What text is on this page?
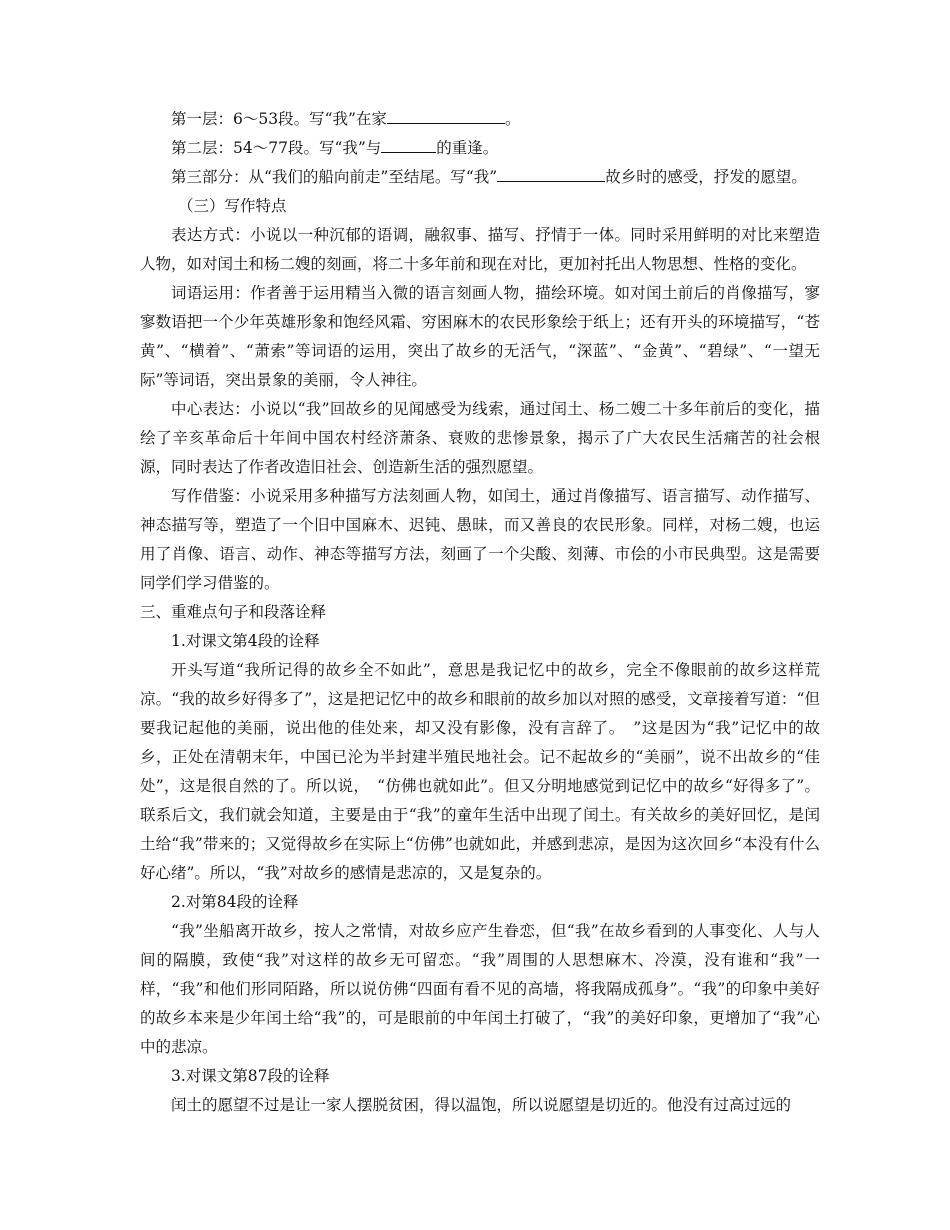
第一层：6～53段。写“我”在家	。

第二层：54～77段。写“我”与	的重逢。

第三部分：从“我们的船向前走”至结尾。写“我”	故乡时的感受，抒发的愿望。

（三）写作特点

表达方式：小说以一种沉郁的语调，融叙事、描写、抒情于一体。同时采用鲜明的对比来塑造人物，如对闰土和杨二嫂的刻画，将二十多年前和现在对比，更加衬托出人物思想、性格的变化。

词语运用：作者善于运用精当入微的语言刻画人物，描绘环境。如对闰土前后的肖像描写，寥寥数语把一个少年英雄形象和饱经风霜、穷困麻木的农民形象绘于纸上；还有开头的环境描写，“苍黄”、“横着”、“萧索”等词语的运用，突出了故乡的无活气，“深蓝”、“金黄”、“碧绿”、“一望无际”等词语，突出景象的美丽，令人神往。

中心表达：小说以“我”回故乡的见闻感受为线索，通过闰土、杨二嫂二十多年前后的变化，描绘了辛亥革命后十年间中国农村经济萧条、衰败的悲惨景象，揭示了广大农民生活痛苦的社会根源，同时表达了作者改造旧社会、创造新生活的强烈愿望。

写作借鉴：小说采用多种描写方法刻画人物，如闰土，通过肖像描写、语言描写、动作描写、神态描写等，塑造了一个旧中国麻木、迟钝、愚昧，而又善良的农民形象。同样，对杨二嫂，也运用了肖像、语言、动作、神态等描写方法，刻画了一个尖酸、刻薄、市侩的小市民典型。这是需要同学们学习借鉴的。

三、重难点句子和段落诠释

1.对课文第4段的诠释

开头写道“我所记得的故乡全不如此”，意思是我记忆中的故乡，完全不像眼前的故乡这样荒凉。“我的故乡好得多了”，这是把记忆中的故乡和眼前的故乡加以对照的感受，文章接着写道：“但要我记起他的美丽，说出他的佳处来，却又没有影像，没有言辞了。　”这是因为“我”记忆中的故乡，正处在清朝末年，中国已沦为半封建半殖民地社会。记不起故乡的“美丽”，说不出故乡的“佳处”，这是很自然的了。所以说，　“仿佛也就如此”。但又分明地感觉到记忆中的故乡“好得多了”。联系后文，我们就会知道，主要是由于“我”的童年生活中出现了闰土。有关故乡的美好回忆，是闰土给“我”带来的；又觉得故乡在实际上“仿佛”也就如此，并感到悲凉，是因为这次回乡“本没有什么好心绪”。所以，“我”对故乡的感情是悲凉的，又是复杂的。

2.对第84段的诠释

“我”坐船离开故乡，按人之常情，对故乡应产生眷恋，但“我”在故乡看到的人事变化、人与人间的隔膜，致使“我”对这样的故乡无可留恋。“我”周围的人思想麻木、冷漠，没有谁和“我”一样，“我”和他们形同陌路，所以说仿佛“四面有看不见的高墙，将我隔成孤身”。“我”的印象中美好的故乡本来是少年闰土给“我”的，可是眼前的中年闰土打破了，“我”的美好印象，更增加了“我”心中的悲凉。

3.对课文第87段的诠释

闰土的愿望不过是让一家人摆脱贫困，得以温饱，所以说愿望是切近的。他没有过高过远的
